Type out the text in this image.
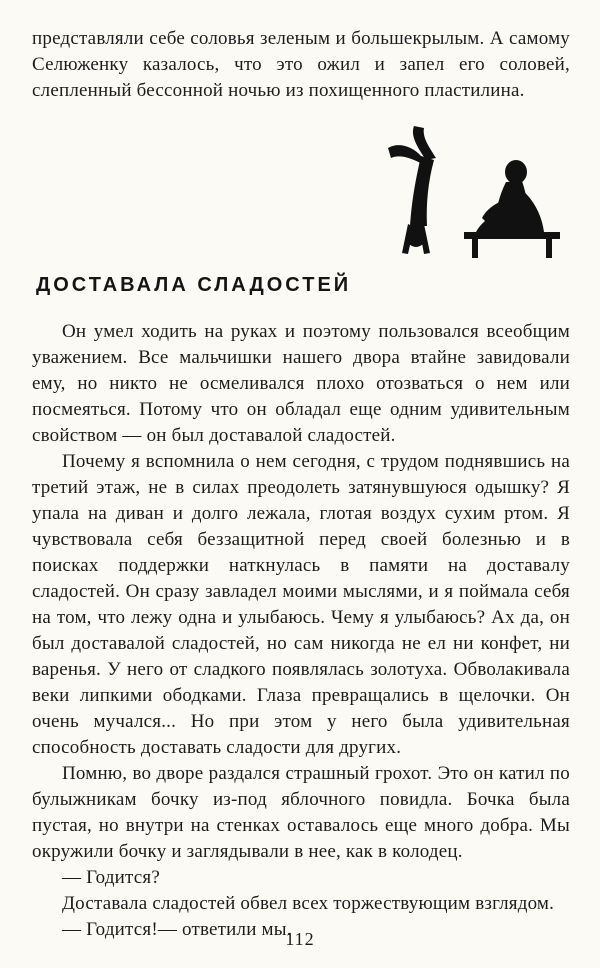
представляли себе соловья зеленым и большекрылым. А самому Селюженку казалось, что это ожил и запел его соловей, слепленный бессонной ночью из похищенного пластилина.

ДОСТАВАЛА СЛАДОСТЕЙ

Он умел ходить на руках и поэтому пользовался всеобщим уважением. Все мальчишки нашего двора втайне завидовали ему, но никто не осмеливался плохо отозваться о нем или посмеяться. Потому что он обладал еще одним удивительным свойством — он был доставалой сладостей.

Почему я вспомнила о нем сегодня, с трудом поднявшись на третий этаж, не в силах преодолеть затянувшуюся одышку? Я упала на диван и долго лежала, глотая воздух сухим ртом. Я чувствовала себя беззащитной перед своей болезнью и в поисках поддержки наткнулась в памяти на доставалу сладостей. Он сразу завладел моими мыслями, и я поймала себя на том, что лежу одна и улыбаюсь. Чему я улыбаюсь? Ах да, он был доставалой сладостей, но сам никогда не ел ни конфет, ни варенья. У него от сладкого появлялась золотуха. Обволакивала веки липкими ободками. Глаза превращались в щелочки. Он очень мучался... Но при этом у него была удивительная способность доставать сладости для других.

Помню, во дворе раздался страшный грохот. Это он катил по булыжникам бочку из-под яблочного повидла. Бочка была пустая, но внутри на стенках оставалось еще много добра. Мы окружили бочку и заглядывали в нее, как в колодец.

— Годится?

Доставала сладостей обвел всех торжествующим взглядом.

— Годится!— ответили мы.

112
